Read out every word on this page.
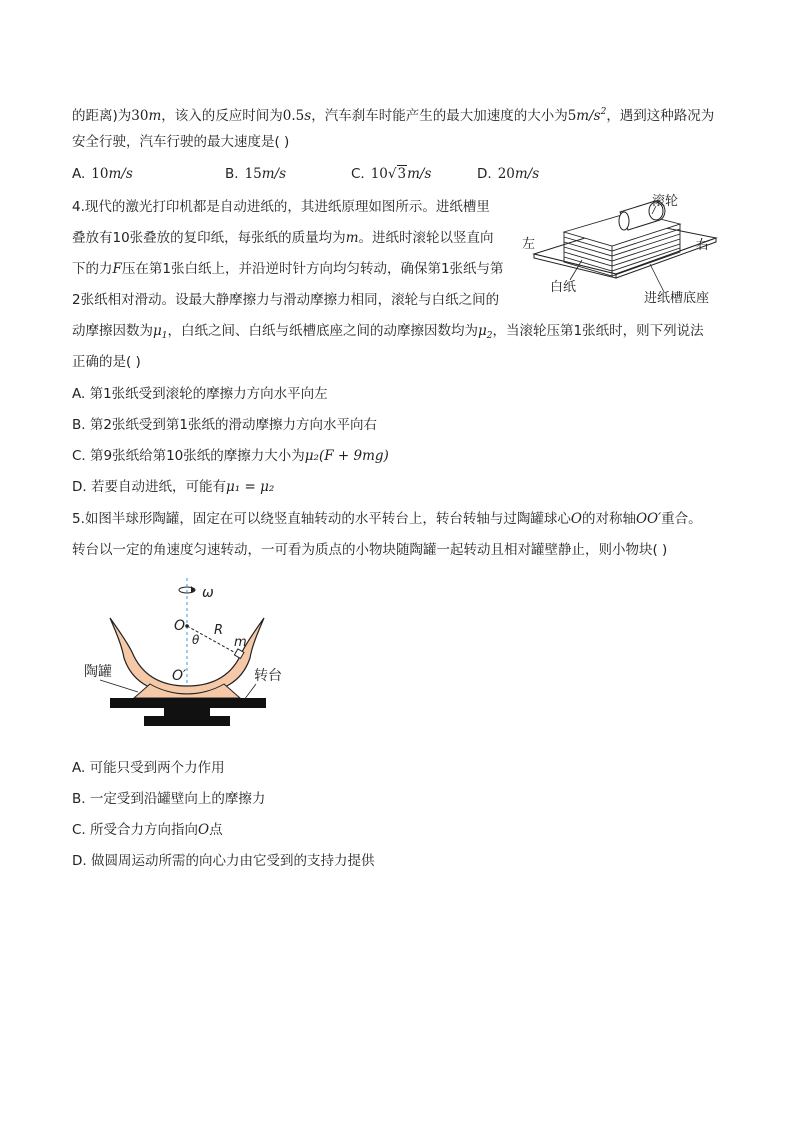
的距离)为30m，该入的反应时间为0.5s，汽车刹车时能产生的最大加速度的大小为$5m/s^2$，遇到这种路况为
安全行驶，汽车行驶的最大速度是( )
A. 10m/s	B. 15m/s	C. 10√3m/s	D. 20m/s
4.现代的激光打印机都是自动进纸的，其进纸原理如图所示。进纸槽里
叠放有10张叠放的复印纸，每张纸的质量均为m。进纸时滚轮以竖直向
下的力F压在第1张白纸上，并沿逆时针方向均匀转动，确保第1张纸与第
2张纸相对滑动。设最大静摩擦力与滑动摩擦力相同，滚轮与白纸之间的
动摩擦因数为$\mu_1$，白纸之间、白纸与纸槽底座之间的动摩擦因数均为$\mu_2$，当滚轮压第1张纸时，则下列说法
正确的是( )
A. 第1张纸受到滚轮的摩擦力方向水平向左
B. 第2张纸受到第1张纸的滑动摩擦力方向水平向右
C. 第9张纸给第10张纸的摩擦力大小为μ₂(F + 9mg)
D. 若要自动进纸，可能有μ₁ = μ₂
滚轮
左	右
白纸
进纸槽底座
5.如图半球形陶罐，固定在可以绕竖直轴转动的水平转台上，转台转轴与过陶罐球心O的对称轴OO′重合。
转台以一定的角速度匀速转动，一可看为质点的小物块随陶罐一起转动且相对罐壁静止，则小物块( )
ω
O
θ
R
m
O′
陶罐	转台
A. 可能只受到两个力作用
B. 一定受到沿罐壁向上的摩擦力
C. 所受合力方向指向O点
D. 做圆周运动所需的向心力由它受到的支持力提供
